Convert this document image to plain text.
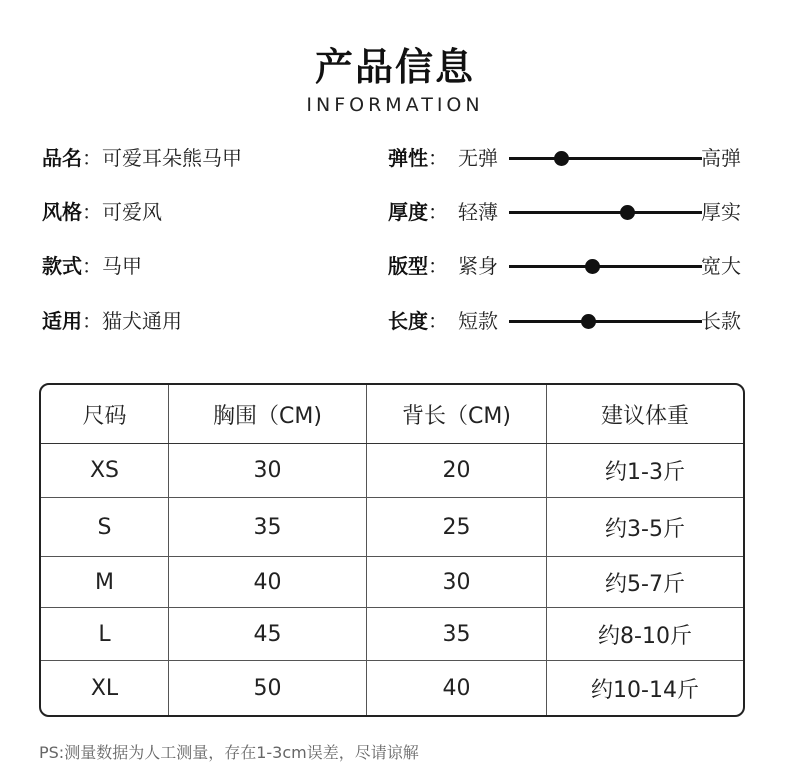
产品信息
INFORMATION
品名：可爱耳朵熊马甲
风格：可爱风
款式：马甲
适用：猫犬通用
弹性： 无弹	高弹
厚度： 轻薄	厚实
版型： 紧身	宽大
长度： 短款	长款
尺码	胸围（CM)	背长（CM)	建议体重
XS	30	20	约1-3斤
S	35	25	约3-5斤
M	40	30	约5-7斤
L	45	35	约8-10斤
XL	50	40	约10-14斤
PS:测量数据为人工测量，存在1-3cm误差，尽请谅解
